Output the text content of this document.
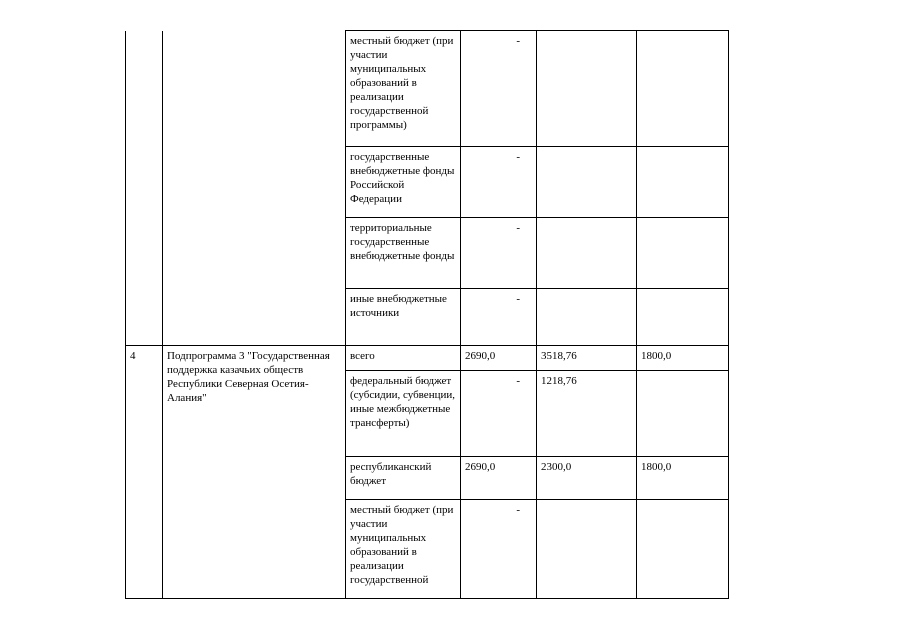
		местный бюджет (при участии муниципальных образований в реализации государственной программы)	-		
		государственные внебюджетные фонды Российской Федерации	-		
		территориальные государственные внебюджетные фонды	-		
		иные внебюджетные источники	-		
4	Подпрограмма 3 "Государственная поддержка казачьих обществ Республики Северная Осетия-Алания"	всего	2690,0	3518,76	1800,0
		федеральный бюджет (субсидии, субвенции, иные межбюджетные трансферты)	-	1218,76	
		республиканский бюджет	2690,0	2300,0	1800,0
		местный бюджет (при участии муниципальных образований в реализации государственной	-		
